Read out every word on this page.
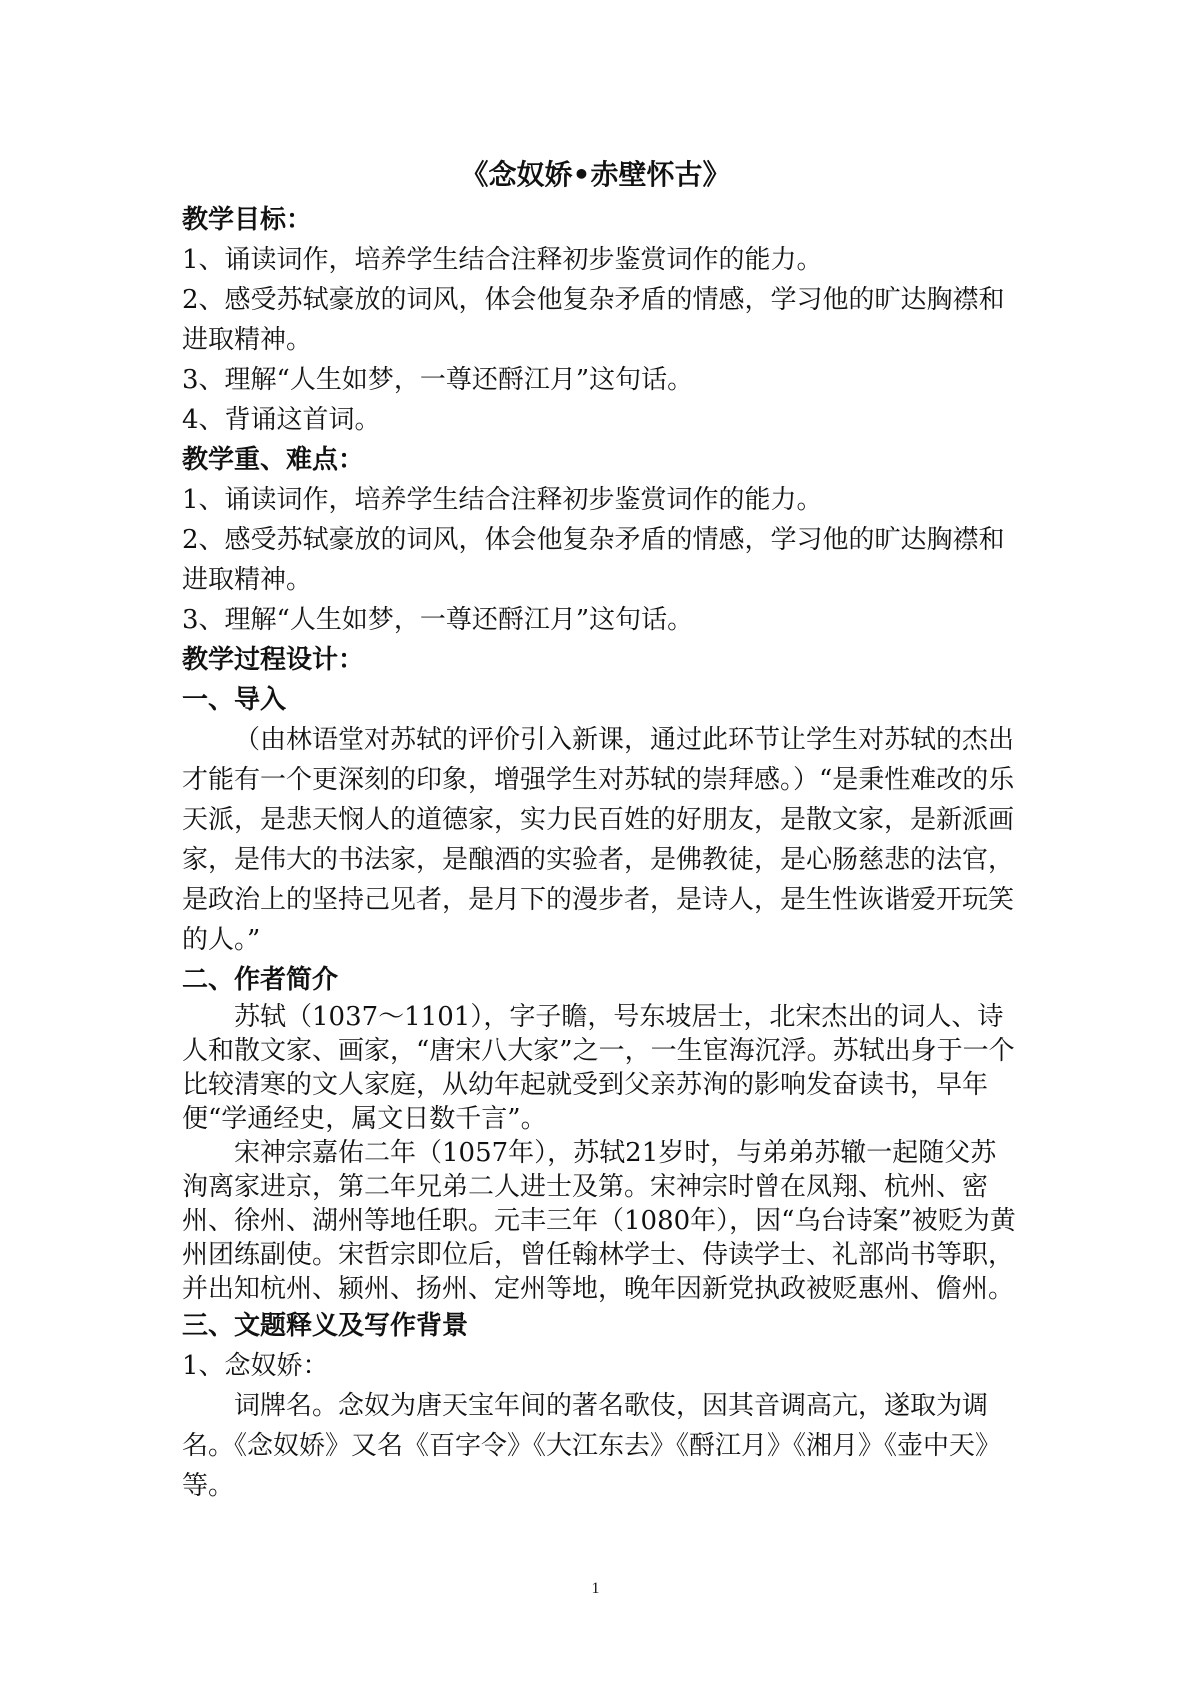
《念奴娇•赤壁怀古》

教学目标：

1、诵读词作，培养学生结合注释初步鉴赏词作的能力。

2、感受苏轼豪放的词风，体会他复杂矛盾的情感，学习他的旷达胸襟和进取精神。

3、理解“人生如梦，一尊还酹江月”这句话。

4、背诵这首词。

教学重、难点：

1、诵读词作，培养学生结合注释初步鉴赏词作的能力。

2、感受苏轼豪放的词风，体会他复杂矛盾的情感，学习他的旷达胸襟和进取精神。

3、理解“人生如梦，一尊还酹江月”这句话。

教学过程设计：

一、导入

（由林语堂对苏轼的评价引入新课，通过此环节让学生对苏轼的杰出才能有一个更深刻的印象，增强学生对苏轼的崇拜感。）“是秉性难改的乐天派，是悲天悯人的道德家，实力民百姓的好朋友，是散文家，是新派画家，是伟大的书法家，是酿酒的实验者，是佛教徒，是心肠慈悲的法官，是政治上的坚持己见者，是月下的漫步者，是诗人，是生性诙谐爱开玩笑的人。”

二、作者简介

苏轼（1037～1101），字子瞻，号东坡居士，北宋杰出的词人、诗人和散文家、画家，“唐宋八大家”之一，一生宦海沉浮。苏轼出身于一个比较清寒的文人家庭，从幼年起就受到父亲苏洵的影响发奋读书，早年便“学通经史，属文日数千言”。

宋神宗嘉佑二年（1057年），苏轼21岁时，与弟弟苏辙一起随父苏洵离家进京，第二年兄弟二人进士及第。宋神宗时曾在凤翔、杭州、密州、徐州、湖州等地任职。元丰三年（1080年），因“乌台诗案”被贬为黄州团练副使。宋哲宗即位后，曾任翰林学士、侍读学士、礼部尚书等职，并出知杭州、颍州、扬州、定州等地，晚年因新党执政被贬惠州、儋州。

三、文题释义及写作背景

1、念奴娇：

词牌名。念奴为唐天宝年间的著名歌伎，因其音调高亢，遂取为调名。《念奴娇》又名《百字令》《大江东去》《酹江月》《湘月》《壶中天》等。

1
